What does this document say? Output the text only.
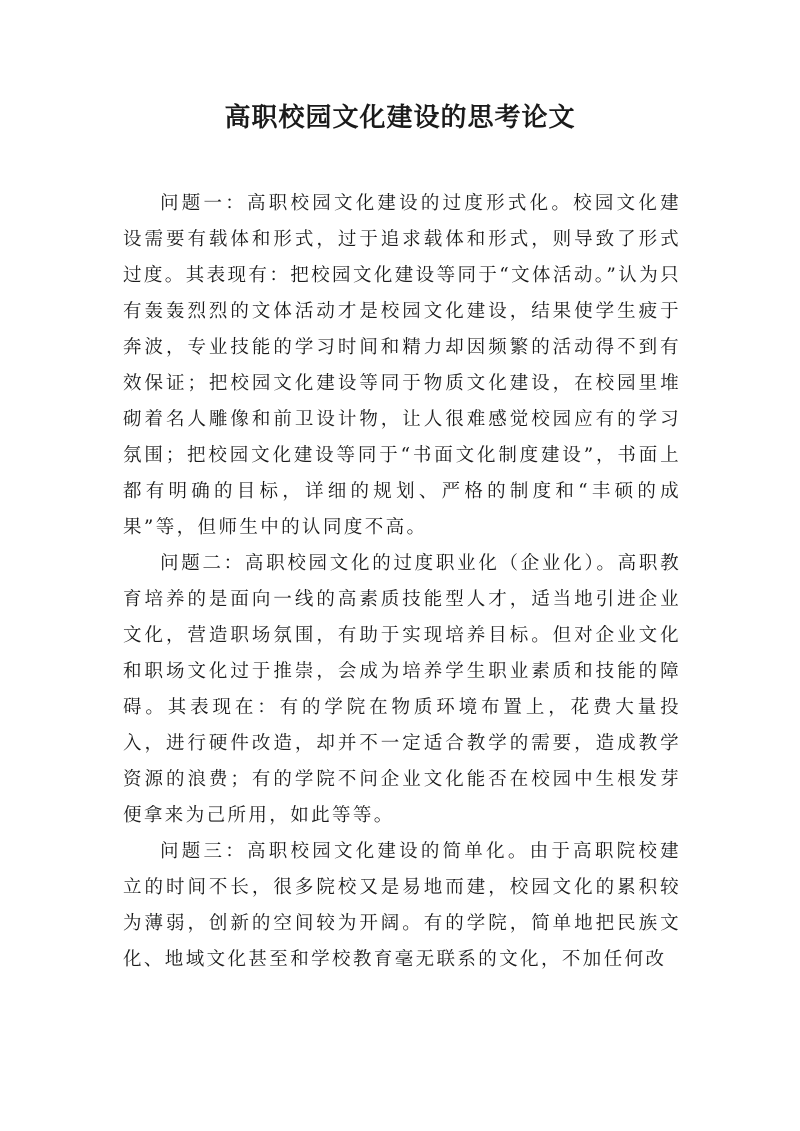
高职校园文化建设的思考论文

问题一：高职校园文化建设的过度形式化。校园文化建设需要有载体和形式，过于追求载体和形式，则导致了形式过度。其表现有：把校园文化建设等同于“文体活动。”认为只有轰轰烈烈的文体活动才是校园文化建设，结果使学生疲于奔波，专业技能的学习时间和精力却因频繁的活动得不到有效保证；把校园文化建设等同于物质文化建设，在校园里堆砌着名人雕像和前卫设计物，让人很难感觉校园应有的学习氛围；把校园文化建设等同于“书面文化制度建设”，书面上都有明确的目标，详细的规划、严格的制度和“丰硕的成果”等，但师生中的认同度不高。

问题二：高职校园文化的过度职业化（企业化）。高职教育培养的是面向一线的高素质技能型人才，适当地引进企业文化，营造职场氛围，有助于实现培养目标。但对企业文化和职场文化过于推崇，会成为培养学生职业素质和技能的障碍。其表现在：有的学院在物质环境布置上，花费大量投入，进行硬件改造，却并不一定适合教学的需要，造成教学资源的浪费；有的学院不问企业文化能否在校园中生根发芽便拿来为己所用，如此等等。

问题三：高职校园文化建设的简单化。由于高职院校建立的时间不长，很多院校又是易地而建，校园文化的累积较为薄弱，创新的空间较为开阔。有的学院，简单地把民族文化、地域文化甚至和学校教育毫无联系的文化，不加任何改
